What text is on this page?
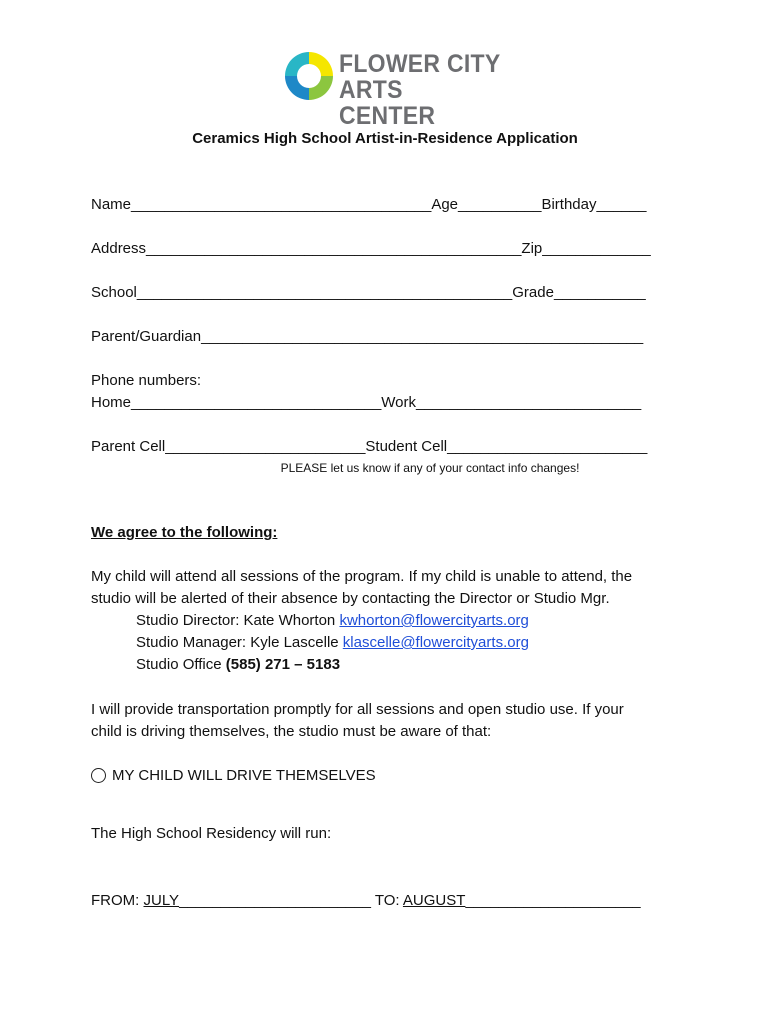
FLOWER CITY
ARTS CENTER
Ceramics High School Artist-in-Residence Application
Name____________________________________Age__________Birthday______
Address_____________________________________________Zip_____________
School_____________________________________________Grade___________
Parent/Guardian_____________________________________________________
Phone numbers:
Home______________________________Work___________________________
Parent Cell________________________Student Cell________________________
PLEASE let us know if any of your contact info changes!
We agree to the following:
My child will attend all sessions of the program. If my child is unable to attend, the
studio will be alerted of their absence by contacting the Director or Studio Mgr.
Studio Director: Kate Whorton kwhorton@flowercityarts.org
Studio Manager: Kyle Lascelle klascelle@flowercityarts.org
Studio Office (585) 271 – 5183
I will provide transportation promptly for all sessions and open studio use. If your
child is driving themselves, the studio must be aware of that:
MY CHILD WILL DRIVE THEMSELVES
The High School Residency will run:
FROM: JULY_______________________ TO: AUGUST_____________________
